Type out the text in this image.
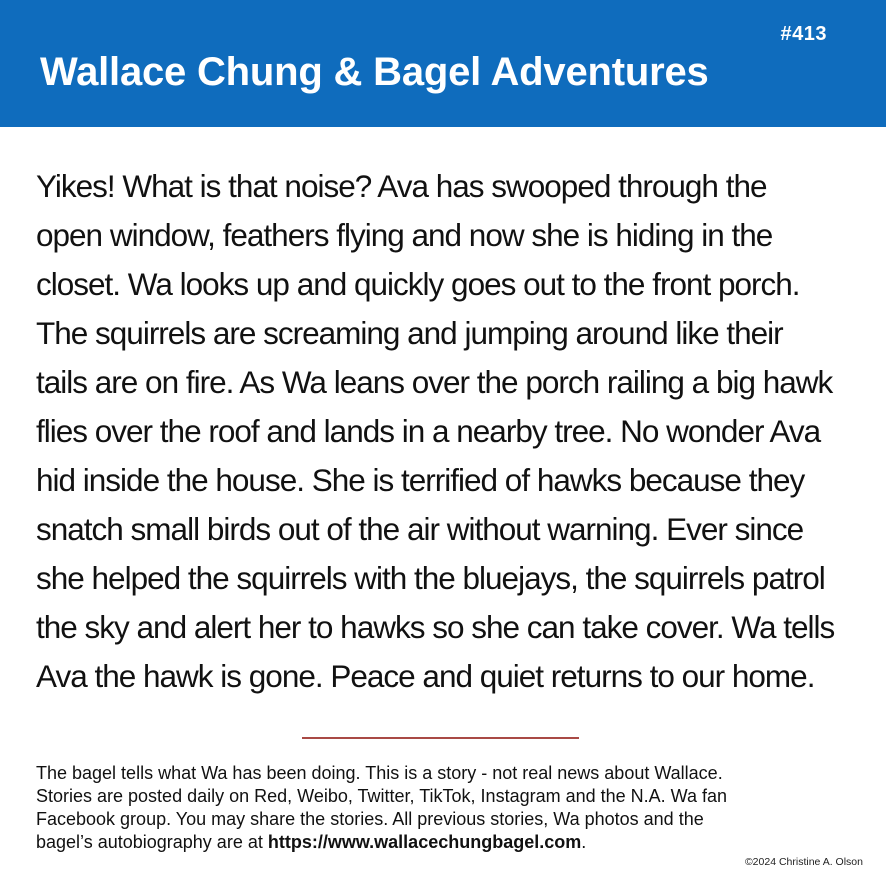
#413
Wallace Chung & Bagel Adventures
Yikes! What is that noise? Ava has swooped through the
open window, feathers flying and now she is hiding in the
closet. Wa looks up and quickly goes out to the front porch.
The squirrels are screaming and jumping around like their
tails are on fire. As Wa leans over the porch railing a big hawk
flies over the roof and lands in a nearby tree. No wonder Ava
hid inside the house. She is terrified of hawks because they
snatch small birds out of the air without warning. Ever since
she helped the squirrels with the bluejays, the squirrels patrol
the sky and alert her to hawks so she can take cover. Wa tells
Ava the hawk is gone. Peace and quiet returns to our home.
The bagel tells what Wa has been doing. This is a story - not real news about Wallace.
Stories are posted daily on Red, Weibo, Twitter, TikTok, Instagram and the N.A. Wa fan
Facebook group. You may share the stories. All previous stories, Wa photos and the
bagel’s autobiography are at https://www.wallacechungbagel.com.
©2024 Christine A. Olson
